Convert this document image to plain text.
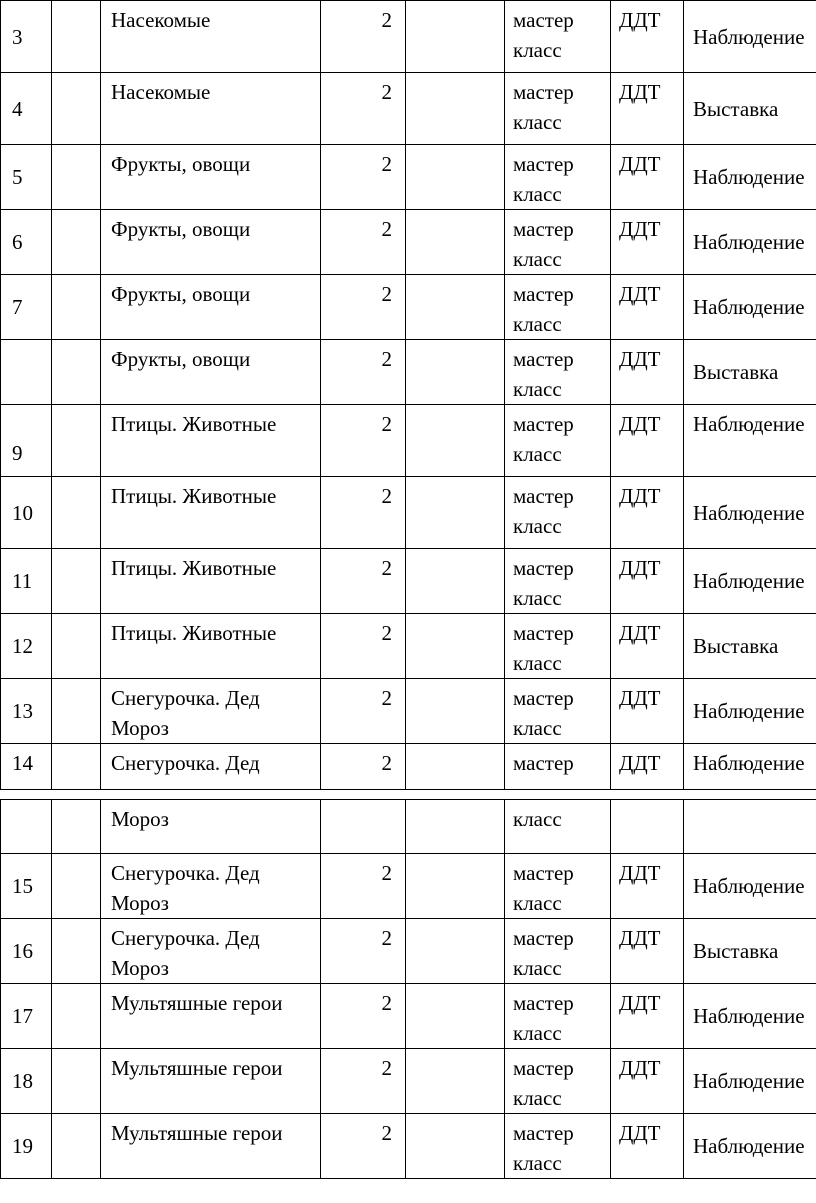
3		Насекомые	2		мастер класс	ДДТ	Наблюдение
4		Насекомые	2		мастер класс	ДДТ	Выставка
5		Фрукты, овощи	2		мастер класс	ДДТ	Наблюдение
6		Фрукты, овощи	2		мастер класс	ДДТ	Наблюдение
7		Фрукты, овощи	2		мастер класс	ДДТ	Наблюдение
		Фрукты, овощи	2		мастер класс	ДДТ	Выставка
9		Птицы. Животные	2		мастер класс	ДДТ	Наблюдение
10		Птицы. Животные	2		мастер класс	ДДТ	Наблюдение
11		Птицы. Животные	2		мастер класс	ДДТ	Наблюдение
12		Птицы. Животные	2		мастер класс	ДДТ	Выставка
13		Снегурочка. Дед Мороз	2		мастер класс	ДДТ	Наблюдение
14		Снегурочка. Дед	2		мастер	ДДТ	Наблюдение
		Мороз			класс		
15		Снегурочка. Дед Мороз	2		мастер класс	ДДТ	Наблюдение
16		Снегурочка. Дед Мороз	2		мастер класс	ДДТ	Выставка
17		Мультяшные герои	2		мастер класс	ДДТ	Наблюдение
18		Мультяшные герои	2		мастер класс	ДДТ	Наблюдение
19		Мультяшные герои	2		мастер класс	ДДТ	Наблюдение
